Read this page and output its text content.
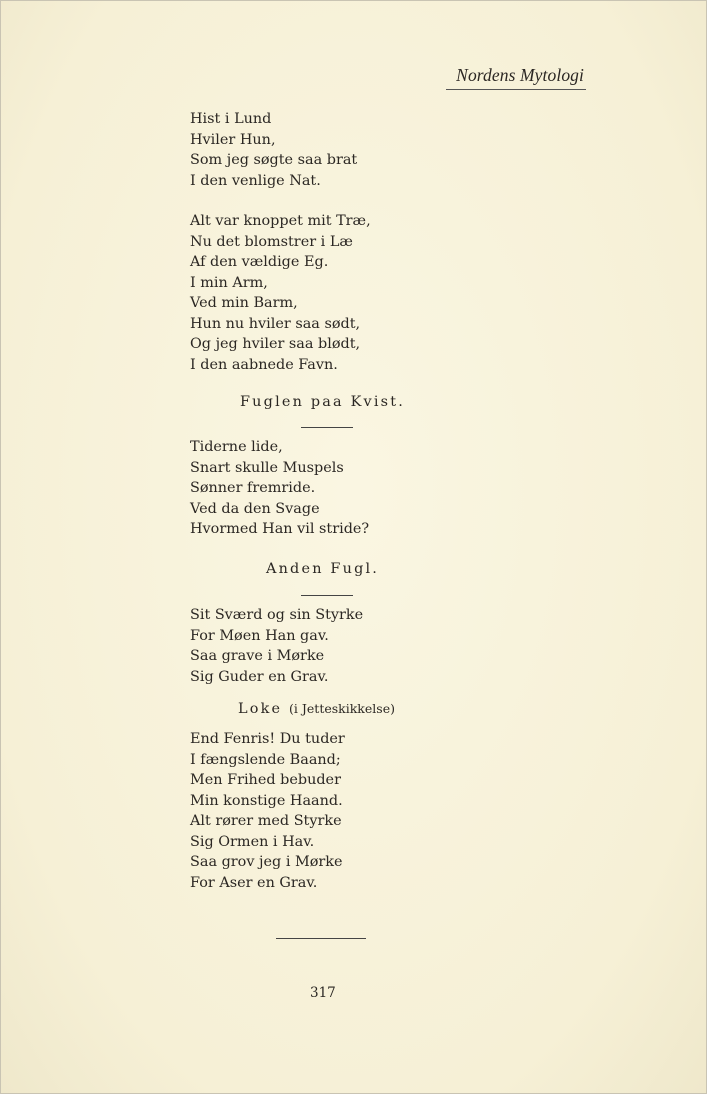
Nordens Mytologi
Hist i Lund
Hviler Hun,
Som jeg søgte saa brat
I den venlige Nat.
Alt var knoppet mit Træ,
Nu det blomstrer i Læ
Af den vældige Eg.
I min Arm,
Ved min Barm,
Hun nu hviler saa sødt,
Og jeg hviler saa blødt,
I den aabnede Favn.
Fuglen paa Kvist.
Tiderne lide,
Snart skulle Muspels
Sønner fremride.
Ved da den Svage
Hvormed Han vil stride?
Anden Fugl.
Sit Sværd og sin Styrke
For Møen Han gav.
Saa grave i Mørke
Sig Guder en Grav.
Loke (i Jetteskikkelse)
End Fenris! Du tuder
I fængslende Baand;
Men Frihed bebuder
Min konstige Haand.
Alt rører med Styrke
Sig Ormen i Hav.
Saa grov jeg i Mørke
For Aser en Grav.
317
